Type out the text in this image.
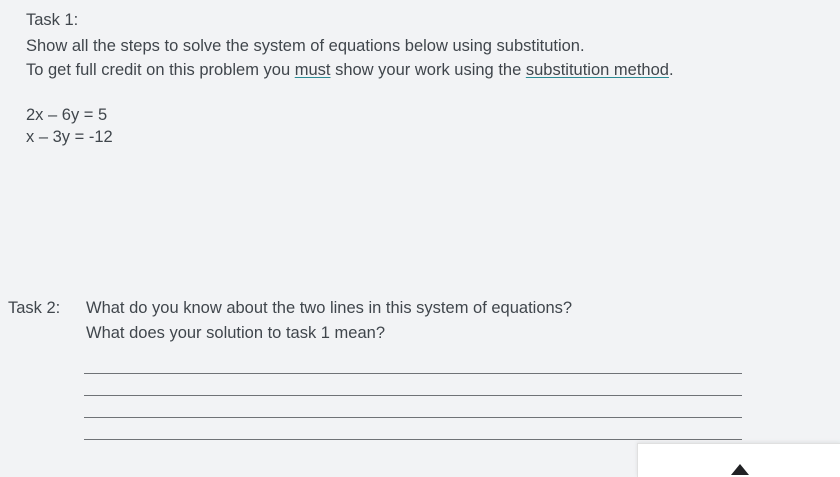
Task 1:
Show all the steps to solve the system of equations below using substitution.
To get full credit on this problem you must show your work using the substitution method.
2x – 6y = 5
x – 3y = -12
Task 2:	What do you know about the two lines in this system of equations?
What does your solution to task 1 mean?
